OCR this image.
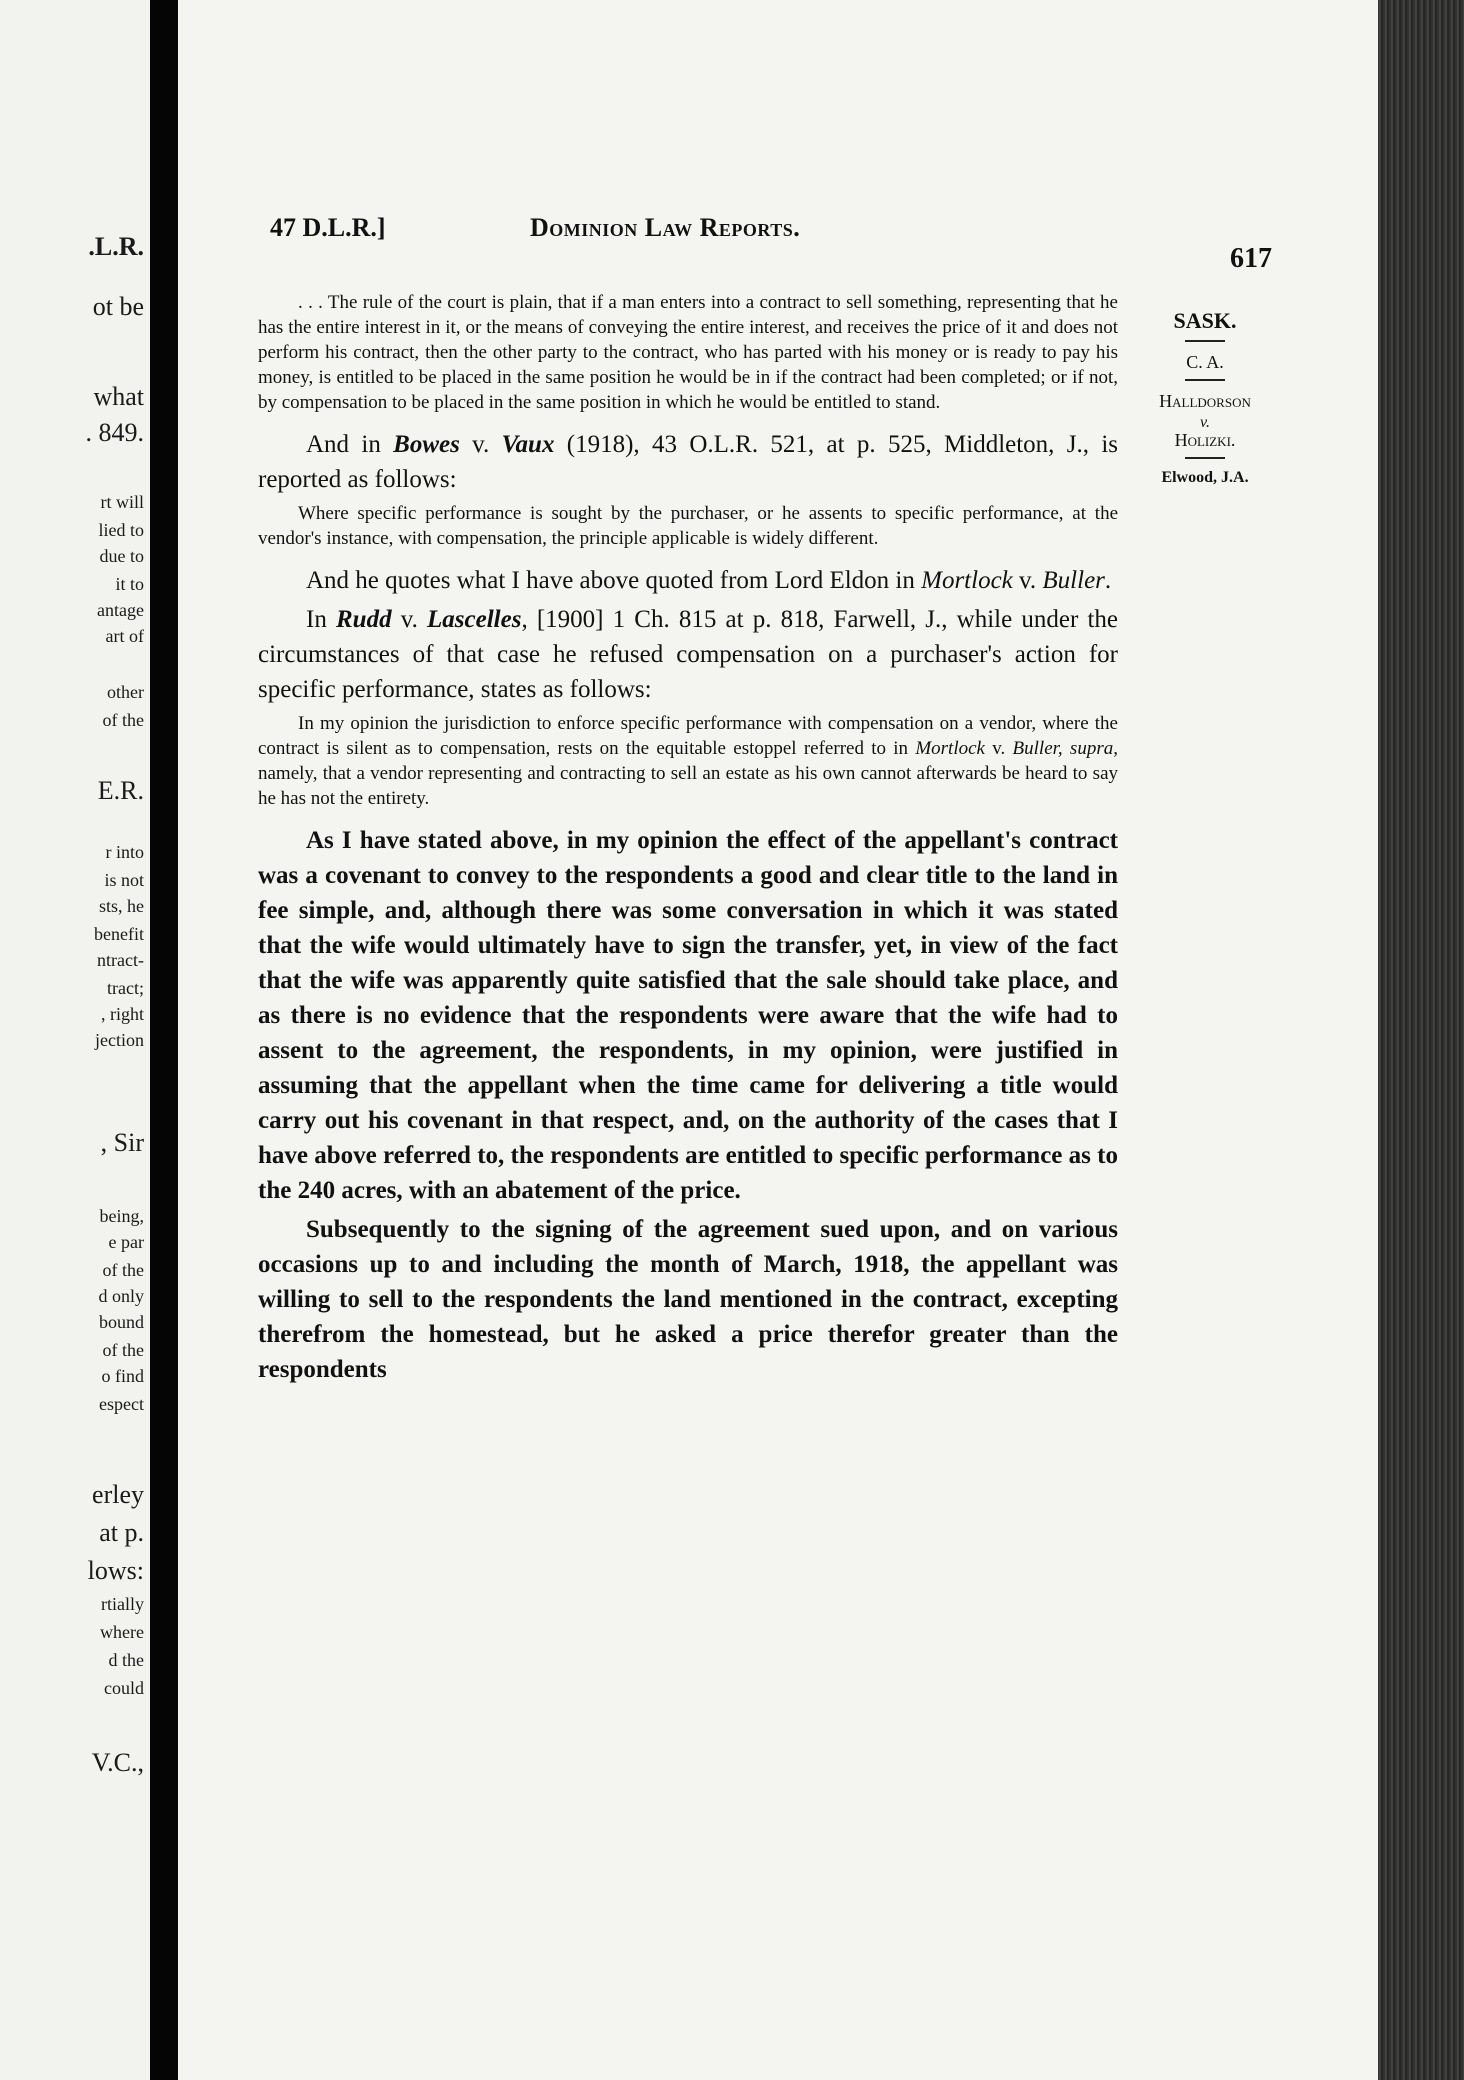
.L.R.
ot be
what
. 849.
rt will
lied to
due to
it to
antage
art of
other
of the
E.R.
r into
is not
sts, he
benefit
ntract-
tract;
, right
jection
, Sir
being,
e par
of the
d only
bound
of the
o find
espect
erley
at p.
lows:
rtially
where
d the
could
V.C.,
47 D.L.R.]	Dominion Law Reports.
617
SASK.
C. A.
Halldorson
v.
Holizki.
Elwood, J.A.

. . . The rule of the court is plain, that if a man enters into a contract to sell something, representing that he has the entire interest in it, or the means of conveying the entire interest, and receives the price of it and does not perform his contract, then the other party to the contract, who has parted with his money or is ready to pay his money, is entitled to be placed in the same position he would be in if the contract had been completed; or if not, by compensation to be placed in the same position in which he would be entitled to stand.

And in Bowes v. Vaux (1918), 43 O.L.R. 521, at p. 525, Middleton, J., is reported as follows:

Where specific performance is sought by the purchaser, or he assents to specific performance, at the vendor's instance, with compensation, the principle applicable is widely different.

And he quotes what I have above quoted from Lord Eldon in Mortlock v. Buller.

In Rudd v. Lascelles, [1900] 1 Ch. 815 at p. 818, Farwell, J., while under the circumstances of that case he refused compensation on a purchaser's action for specific performance, states as follows:

In my opinion the jurisdiction to enforce specific performance with compensation on a vendor, where the contract is silent as to compensation, rests on the equitable estoppel referred to in Mortlock v. Buller, supra, namely, that a vendor representing and contracting to sell an estate as his own cannot afterwards be heard to say he has not the entirety.

As I have stated above, in my opinion the effect of the appellant's contract was a covenant to convey to the respondents a good and clear title to the land in fee simple, and, although there was some conversation in which it was stated that the wife would ultimately have to sign the transfer, yet, in view of the fact that the wife was apparently quite satisfied that the sale should take place, and as there is no evidence that the respondents were aware that the wife had to assent to the agreement, the respondents, in my opinion, were justified in assuming that the appellant when the time came for delivering a title would carry out his covenant in that respect, and, on the authority of the cases that I have above referred to, the respondents are entitled to specific performance as to the 240 acres, with an abatement of the price.

Subsequently to the signing of the agreement sued upon, and on various occasions up to and including the month of March, 1918, the appellant was willing to sell to the respondents the land mentioned in the contract, excepting therefrom the homestead, but he asked a price therefor greater than the respondents
